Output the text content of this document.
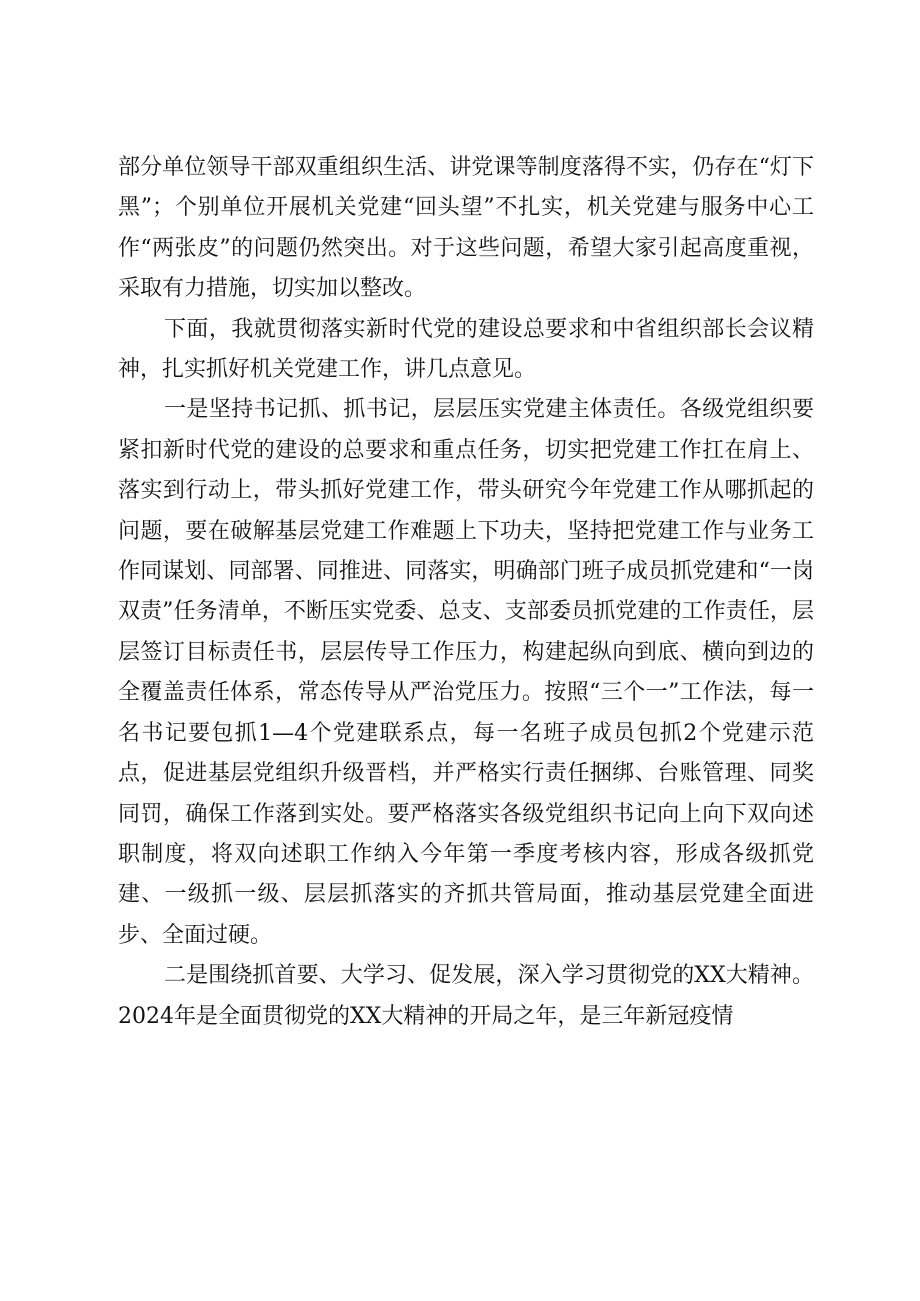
部分单位领导干部双重组织生活、讲党课等制度落得不实，仍存在“灯下黑”；个别单位开展机关党建“回头望”不扎实，机关党建与服务中心工作“两张皮”的问题仍然突出。对于这些问题，希望大家引起高度重视，采取有力措施，切实加以整改。

下面，我就贯彻落实新时代党的建设总要求和中省组织部长会议精神，扎实抓好机关党建工作，讲几点意见。

一是坚持书记抓、抓书记，层层压实党建主体责任。各级党组织要紧扣新时代党的建设的总要求和重点任务，切实把党建工作扛在肩上、落实到行动上，带头抓好党建工作，带头研究今年党建工作从哪抓起的问题，要在破解基层党建工作难题上下功夫，坚持把党建工作与业务工作同谋划、同部署、同推进、同落实，明确部门班子成员抓党建和“一岗双责”任务清单，不断压实党委、总支、支部委员抓党建的工作责任，层层签订目标责任书，层层传导工作压力，构建起纵向到底、横向到边的全覆盖责任体系，常态传导从严治党压力。按照“三个一”工作法，每一名书记要包抓1—4个党建联系点，每一名班子成员包抓2个党建示范点，促进基层党组织升级晋档，并严格实行责任捆绑、台账管理、同奖同罚，确保工作落到实处。要严格落实各级党组织书记向上向下双向述职制度，将双向述职工作纳入今年第一季度考核内容，形成各级抓党建、一级抓一级、层层抓落实的齐抓共管局面，推动基层党建全面进步、全面过硬。

二是围绕抓首要、大学习、促发展，深入学习贯彻党的XX大精神。2024年是全面贯彻党的XX大精神的开局之年，是三年新冠疫情
